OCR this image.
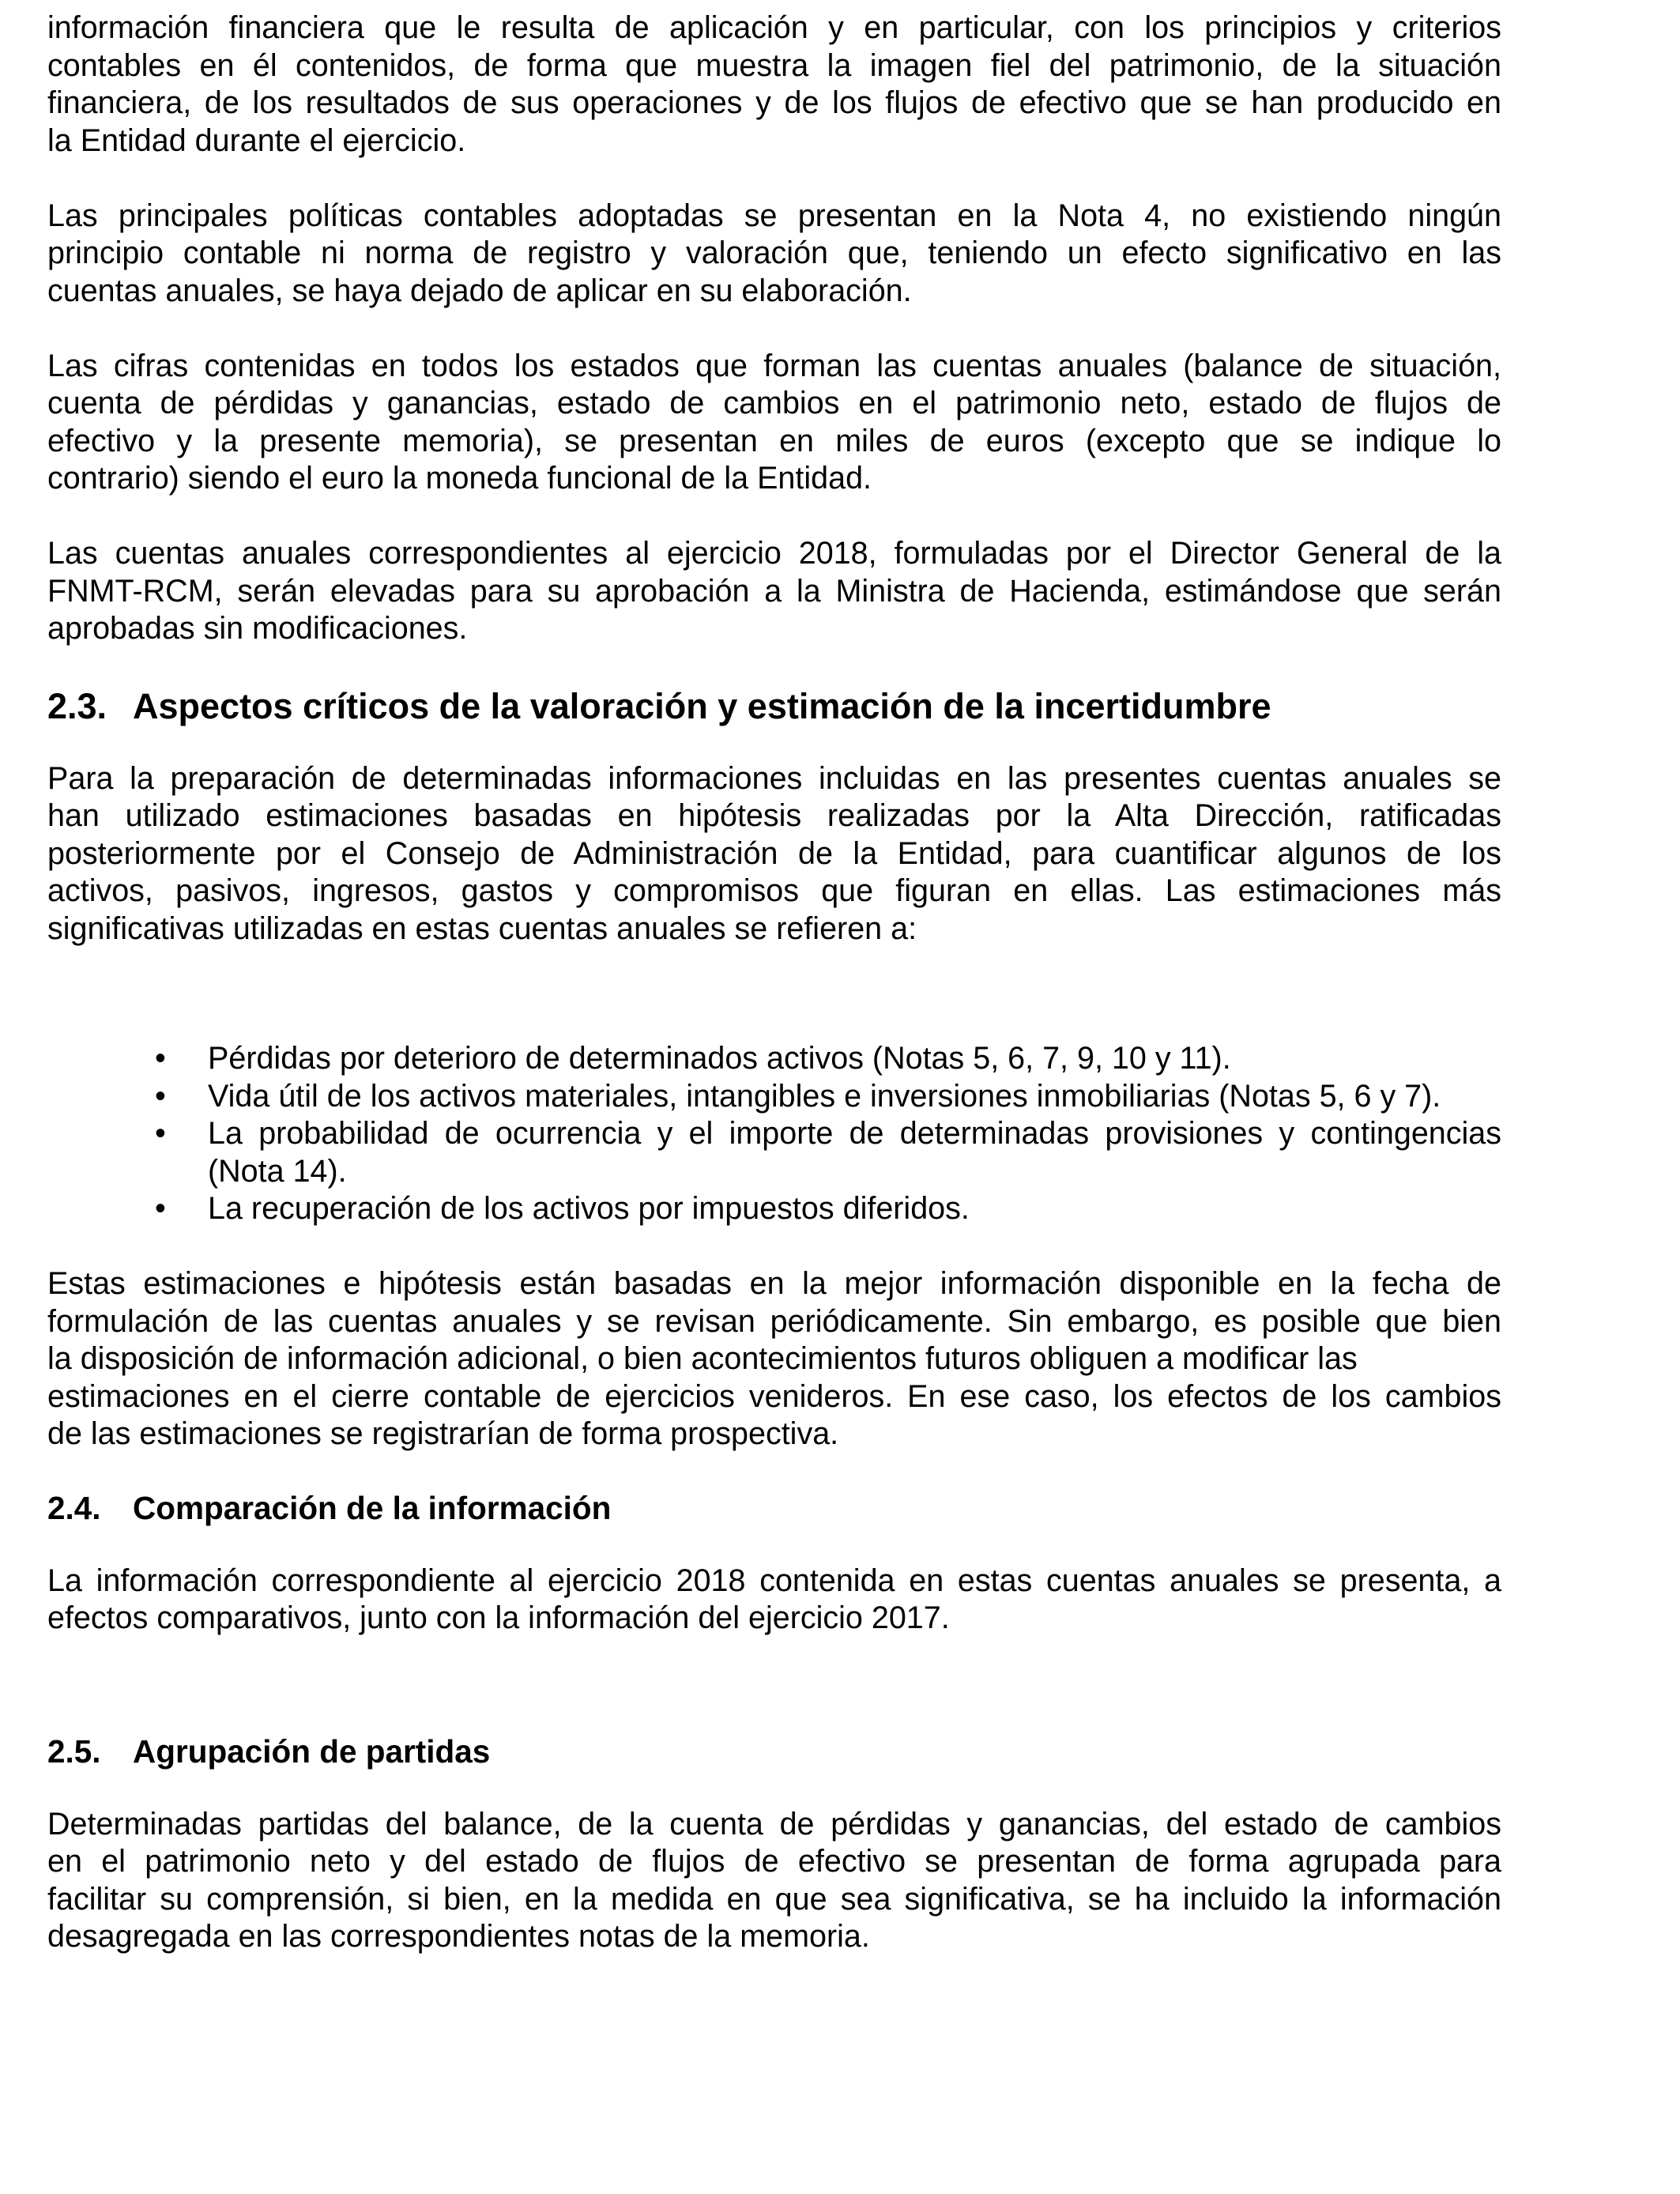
información financiera que le resulta de aplicación y en particular, con los principios y criterios
contables en él contenidos, de forma que muestra la imagen fiel del patrimonio, de la situación
financiera, de los resultados de sus operaciones y de los flujos de efectivo que se han producido en
la Entidad durante el ejercicio.

Las principales políticas contables adoptadas se presentan en la Nota 4, no existiendo ningún
principio contable ni norma de registro y valoración que, teniendo un efecto significativo en las
cuentas anuales, se haya dejado de aplicar en su elaboración.

Las cifras contenidas en todos los estados que forman las cuentas anuales (balance de situación,
cuenta de pérdidas y ganancias, estado de cambios en el patrimonio neto, estado de flujos de
efectivo y la presente memoria), se presentan en miles de euros (excepto que se indique lo
contrario) siendo el euro la moneda funcional de la Entidad.

Las cuentas anuales correspondientes al ejercicio 2018, formuladas por el Director General de la
FNMT-RCM, serán elevadas para su aprobación a la Ministra de Hacienda, estimándose que serán
aprobadas sin modificaciones.

2.3. Aspectos críticos de la valoración y estimación de la incertidumbre

Para la preparación de determinadas informaciones incluidas en las presentes cuentas anuales se
han utilizado estimaciones basadas en hipótesis realizadas por la Alta Dirección, ratificadas
posteriormente por el Consejo de Administración de la Entidad, para cuantificar algunos de los
activos, pasivos, ingresos, gastos y compromisos que figuran en ellas. Las estimaciones más
significativas utilizadas en estas cuentas anuales se refieren a:

• Pérdidas por deterioro de determinados activos (Notas 5, 6, 7, 9, 10 y 11).
• Vida útil de los activos materiales, intangibles e inversiones inmobiliarias (Notas 5, 6 y 7).
• La probabilidad de ocurrencia y el importe de determinadas provisiones y contingencias
(Nota 14).
• La recuperación de los activos por impuestos diferidos.

Estas estimaciones e hipótesis están basadas en la mejor información disponible en la fecha de
formulación de las cuentas anuales y se revisan periódicamente. Sin embargo, es posible que bien
la disposición de información adicional, o bien acontecimientos futuros obliguen a modificar las
estimaciones en el cierre contable de ejercicios venideros. En ese caso, los efectos de los cambios
de las estimaciones se registrarían de forma prospectiva.

2.4. Comparación de la información

La información correspondiente al ejercicio 2018 contenida en estas cuentas anuales se presenta, a
efectos comparativos, junto con la información del ejercicio 2017.

2.5. Agrupación de partidas

Determinadas partidas del balance, de la cuenta de pérdidas y ganancias, del estado de cambios
en el patrimonio neto y del estado de flujos de efectivo se presentan de forma agrupada para
facilitar su comprensión, si bien, en la medida en que sea significativa, se ha incluido la información
desagregada en las correspondientes notas de la memoria.
